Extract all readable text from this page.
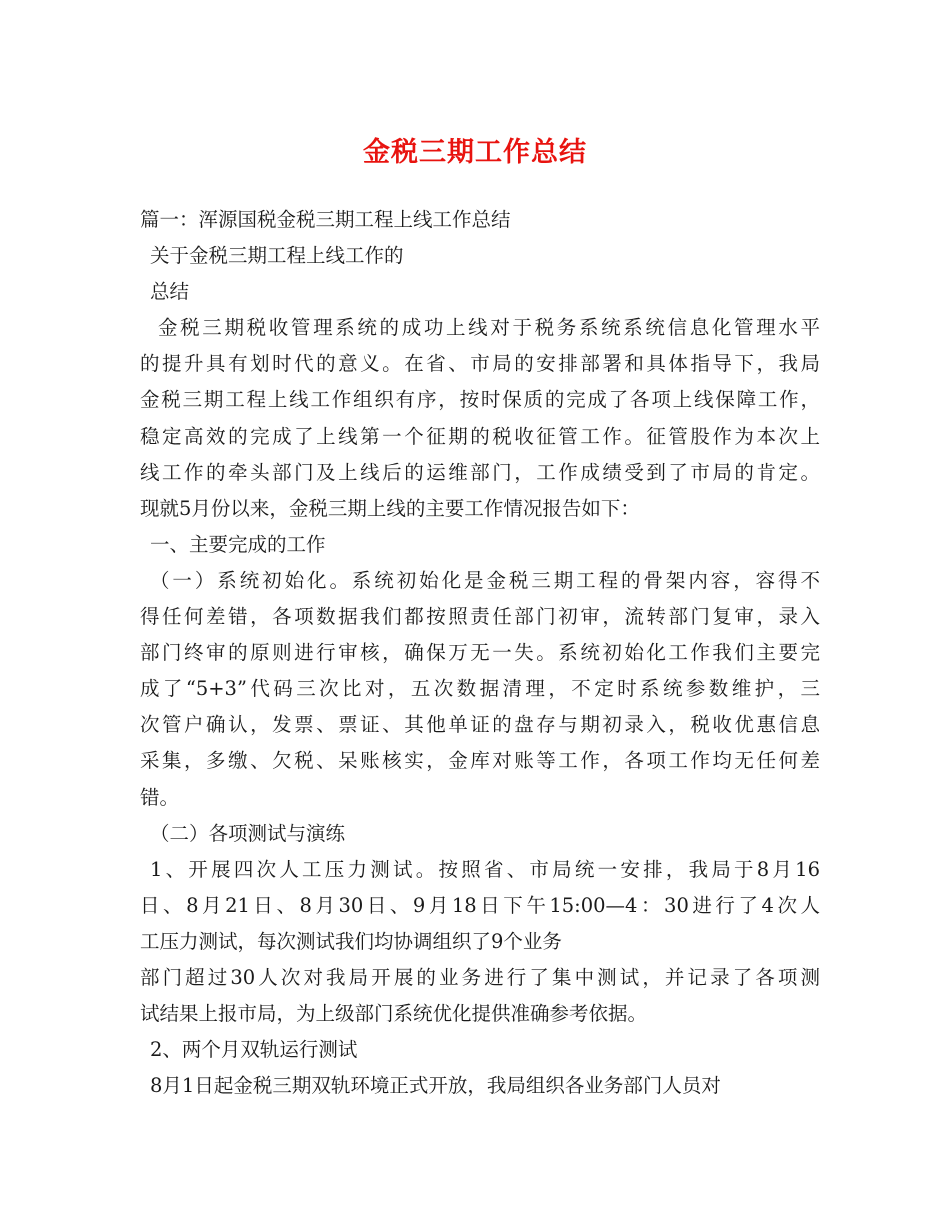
金税三期工作总结
篇一：浑源国税金税三期工程上线工作总结
关于金税三期工程上线工作的
总结
金税三期税收管理系统的成功上线对于税务系统系统信息化管理水平
的提升具有划时代的意义。在省、市局的安排部署和具体指导下，我局
金税三期工程上线工作组织有序，按时保质的完成了各项上线保障工作，
稳定高效的完成了上线第一个征期的税收征管工作。征管股作为本次上
线工作的牵头部门及上线后的运维部门，工作成绩受到了市局的肯定。
现就5月份以来，金税三期上线的主要工作情况报告如下：
一、主要完成的工作
（一）系统初始化。系统初始化是金税三期工程的骨架内容，容得不
得任何差错，各项数据我们都按照责任部门初审，流转部门复审，录入
部门终审的原则进行审核，确保万无一失。系统初始化工作我们主要完
成了“5+3”代码三次比对，五次数据清理，不定时系统参数维护，三
次管户确认，发票、票证、其他单证的盘存与期初录入，税收优惠信息
采集，多缴、欠税、呆账核实，金库对账等工作，各项工作均无任何差
错。
（二）各项测试与演练
1、开展四次人工压力测试。按照省、市局统一安排，我局于8月16
日、8月21日、8月30日、9月18日下午15:00—4：30进行了4次人
工压力测试，每次测试我们均协调组织了9个业务
部门超过30人次对我局开展的业务进行了集中测试，并记录了各项测
试结果上报市局，为上级部门系统优化提供准确参考依据。
2、两个月双轨运行测试
8月1日起金税三期双轨环境正式开放，我局组织各业务部门人员对
